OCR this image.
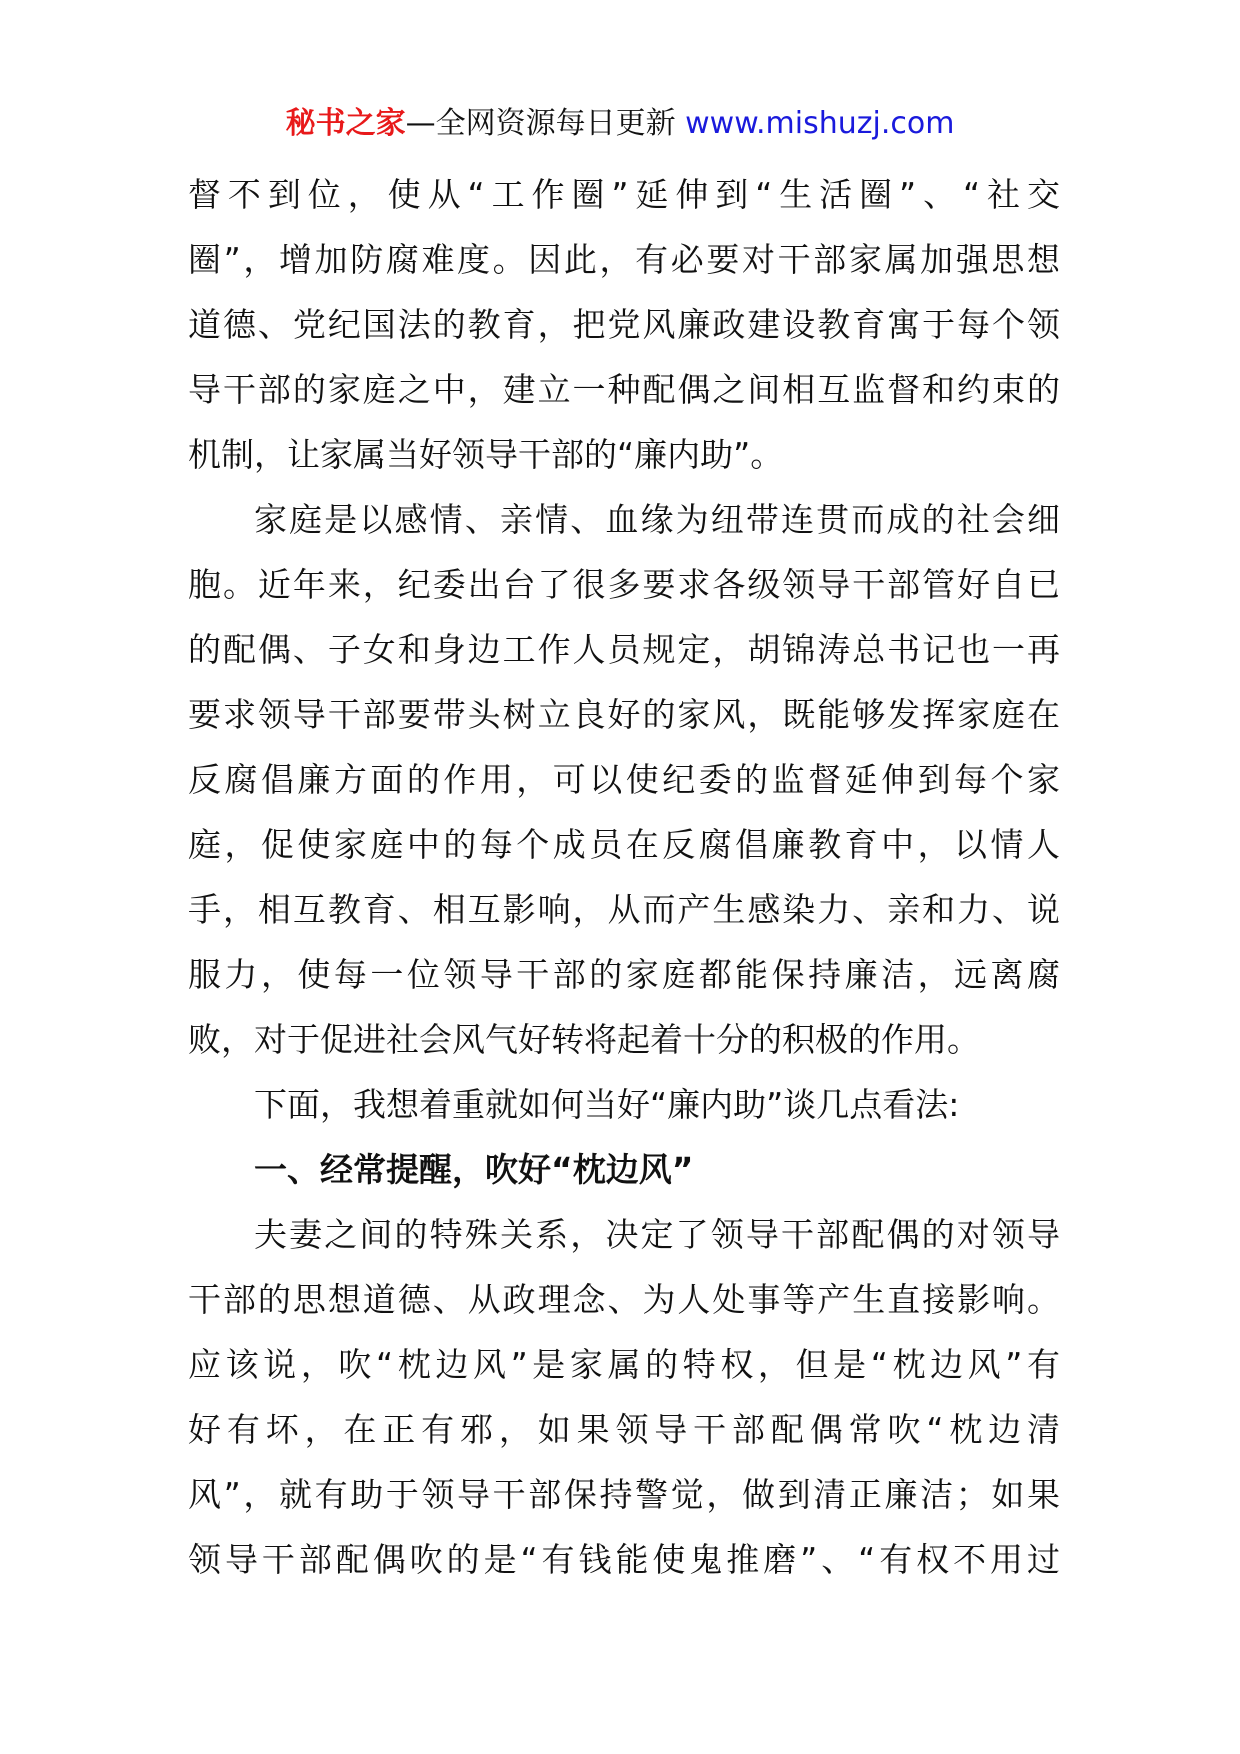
秘书之家—全网资源每日更新 www.mishuzj.com
督不到位，使从“工作圈”延伸到“生活圈”、“社交
圈”，增加防腐难度。因此，有必要对干部家属加强思想
道德、党纪国法的教育，把党风廉政建设教育寓于每个领
导干部的家庭之中，建立一种配偶之间相互监督和约束的
机制，让家属当好领导干部的“廉内助”。
家庭是以感情、亲情、血缘为纽带连贯而成的社会细
胞。近年来，纪委出台了很多要求各级领导干部管好自已
的配偶、子女和身边工作人员规定，胡锦涛总书记也一再
要求领导干部要带头树立良好的家风，既能够发挥家庭在
反腐倡廉方面的作用，可以使纪委的监督延伸到每个家
庭，促使家庭中的每个成员在反腐倡廉教育中，以情人
手，相互教育、相互影响，从而产生感染力、亲和力、说
服力，使每一位领导干部的家庭都能保持廉洁，远离腐
败，对于促进社会风气好转将起着十分的积极的作用。
下面，我想着重就如何当好“廉内助”谈几点看法:
一、经常提醒，吹好“枕边风”
夫妻之间的特殊关系，决定了领导干部配偶的对领导
干部的思想道德、从政理念、为人处事等产生直接影响。
应该说，吹“枕边风”是家属的特权，但是“枕边风”有
好有坏，在正有邪，如果领导干部配偶常吹“枕边清
风”，就有助于领导干部保持警觉，做到清正廉洁；如果
领导干部配偶吹的是“有钱能使鬼推磨”、“有权不用过
